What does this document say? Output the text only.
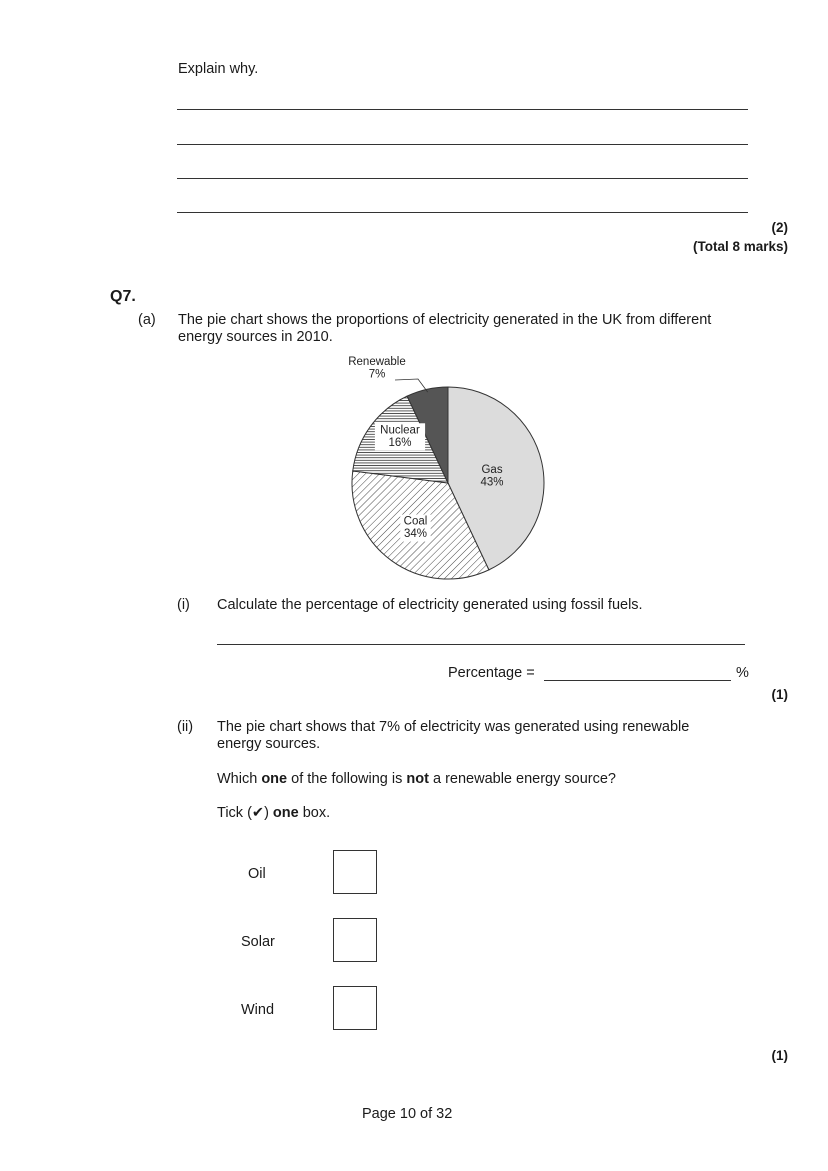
Explain why.
(2)
(Total 8 marks)
Q7.
(a) The pie chart shows the proportions of electricity generated in the UK from different
energy sources in 2010.
Gas
43%
Coal
34%
Nuclear
16%
Renewable
7%
(i) Calculate the percentage of electricity generated using fossil fuels.
Percentage =	%
(1)
(ii) The pie chart shows that 7% of electricity was generated using renewable
energy sources.
Which one of the following is not a renewable energy source?
Tick (✔) one box.
Oil
Solar
Wind
(1)
Page 10 of 32
